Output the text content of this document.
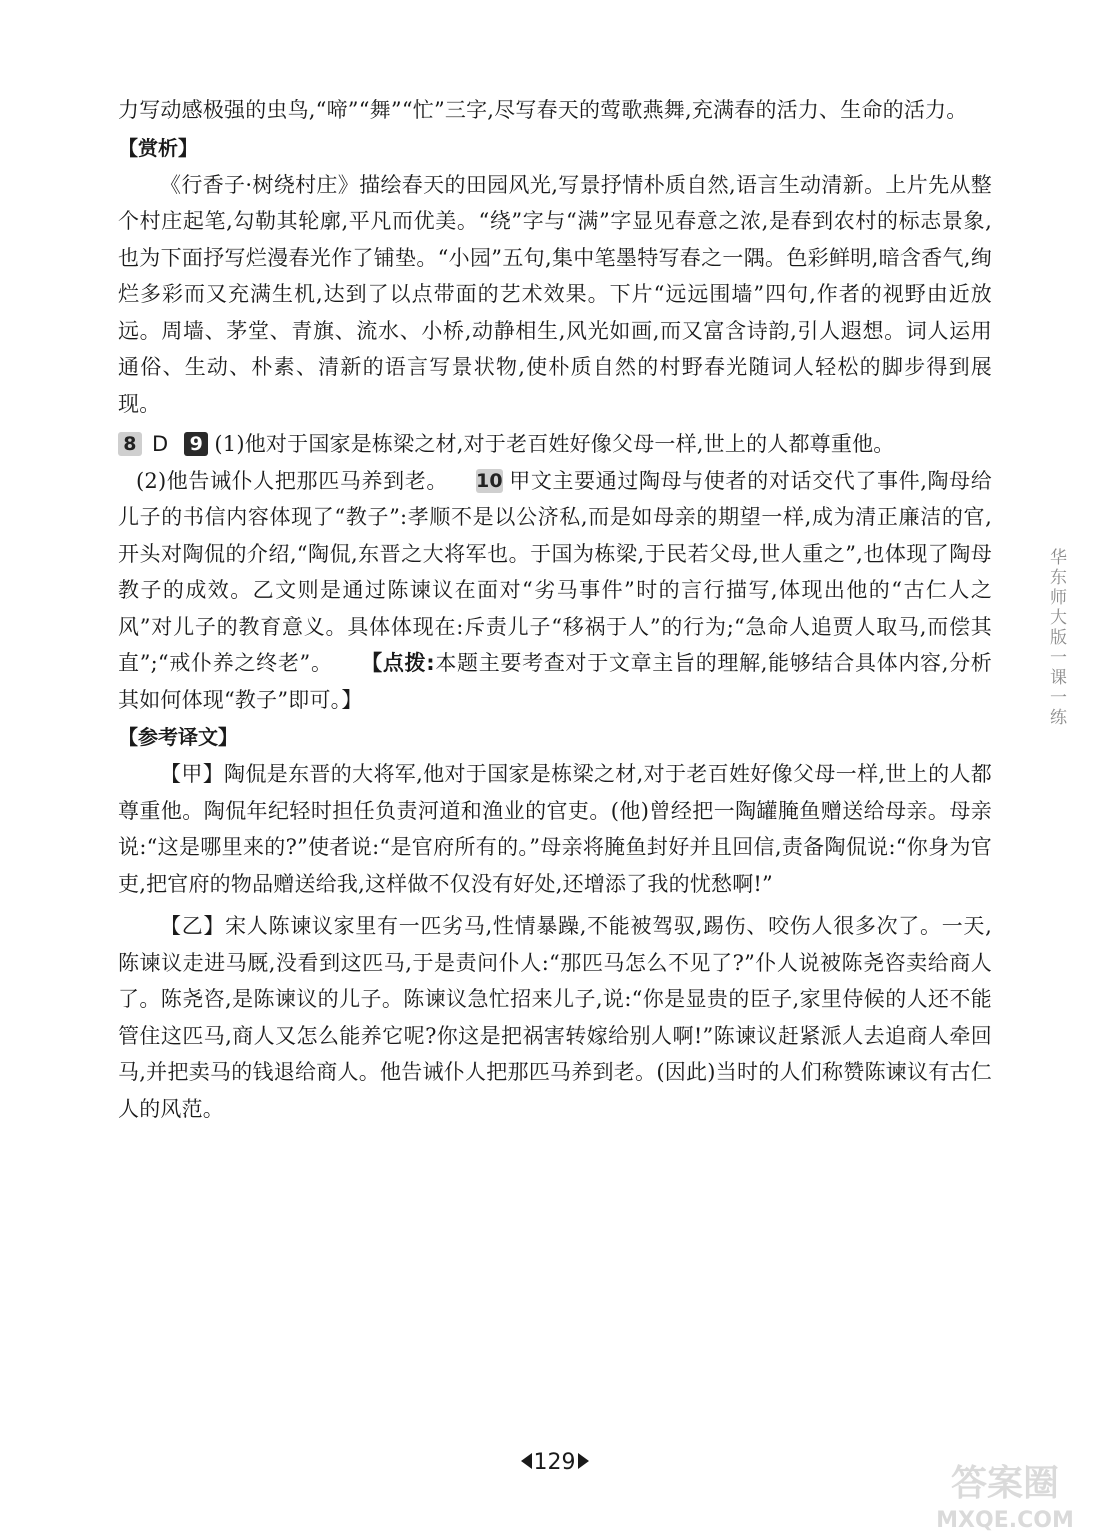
力写动感极强的虫鸟,“啼”“舞”“忙”三字,尽写春天的莺歌燕舞,充满春的活力、生命的活力。

【赏析】

《行香子·树绕村庄》描绘春天的田园风光,写景抒情朴质自然,语言生动清新。上片先从整个村庄起笔,勾勒其轮廓,平凡而优美。“绕”字与“满”字显见春意之浓,是春到农村的标志景象,也为下面抒写烂漫春光作了铺垫。“小园”五句,集中笔墨特写春之一隅。色彩鲜明,暗含香气,绚烂多彩而又充满生机,达到了以点带面的艺术效果。下片“远远围墙”四句,作者的视野由近放远。周墙、茅堂、青旗、流水、小桥,动静相生,风光如画,而又富含诗韵,引人遐想。词人运用通俗、生动、朴素、清新的语言写景状物,使朴质自然的村野春光随词人轻松的脚步得到展现。

8 D 9 (1)他对于国家是栋梁之材,对于老百姓好像父母一样,世上的人都尊重他。

(2)他告诫仆人把那匹马养到老。 10 甲文主要通过陶母与使者的对话交代了事件,陶母给儿子的书信内容体现了“教子”:孝顺不是以公济私,而是如母亲的期望一样,成为清正廉洁的官,开头对陶侃的介绍,“陶侃,东晋之大将军也。于国为栋梁,于民若父母,世人重之”,也体现了陶母教子的成效。乙文则是通过陈谏议在面对“劣马事件”时的言行描写,体现出他的“古仁人之风”对儿子的教育意义。具体体现在:斥责儿子“移祸于人”的行为;“急命人追贾人取马,而偿其直”;“戒仆养之终老”。 【点拨:本题主要考查对于文章主旨的理解,能够结合具体内容,分析其如何体现“教子”即可。】

【参考译文】

【甲】陶侃是东晋的大将军,他对于国家是栋梁之材,对于老百姓好像父母一样,世上的人都尊重他。陶侃年纪轻时担任负责河道和渔业的官吏。(他)曾经把一陶罐腌鱼赠送给母亲。母亲说:“这是哪里来的?”使者说:“是官府所有的。”母亲将腌鱼封好并且回信,责备陶侃说:“你身为官吏,把官府的物品赠送给我,这样做不仅没有好处,还增添了我的忧愁啊!”

【乙】宋人陈谏议家里有一匹劣马,性情暴躁,不能被驾驭,踢伤、咬伤人很多次了。一天,陈谏议走进马厩,没看到这匹马,于是责问仆人:“那匹马怎么不见了?”仆人说被陈尧咨卖给商人了。陈尧咨,是陈谏议的儿子。陈谏议急忙招来儿子,说:“你是显贵的臣子,家里侍候的人还不能管住这匹马,商人又怎么能养它呢?你这是把祸害转嫁给别人啊!”陈谏议赶紧派人去追商人牵回马,并把卖马的钱退给商人。他告诫仆人把那匹马养到老。(因此)当时的人们称赞陈谏议有古仁人的风范。

华东师大版一课一练
129
答案圈
MXQE.COM
